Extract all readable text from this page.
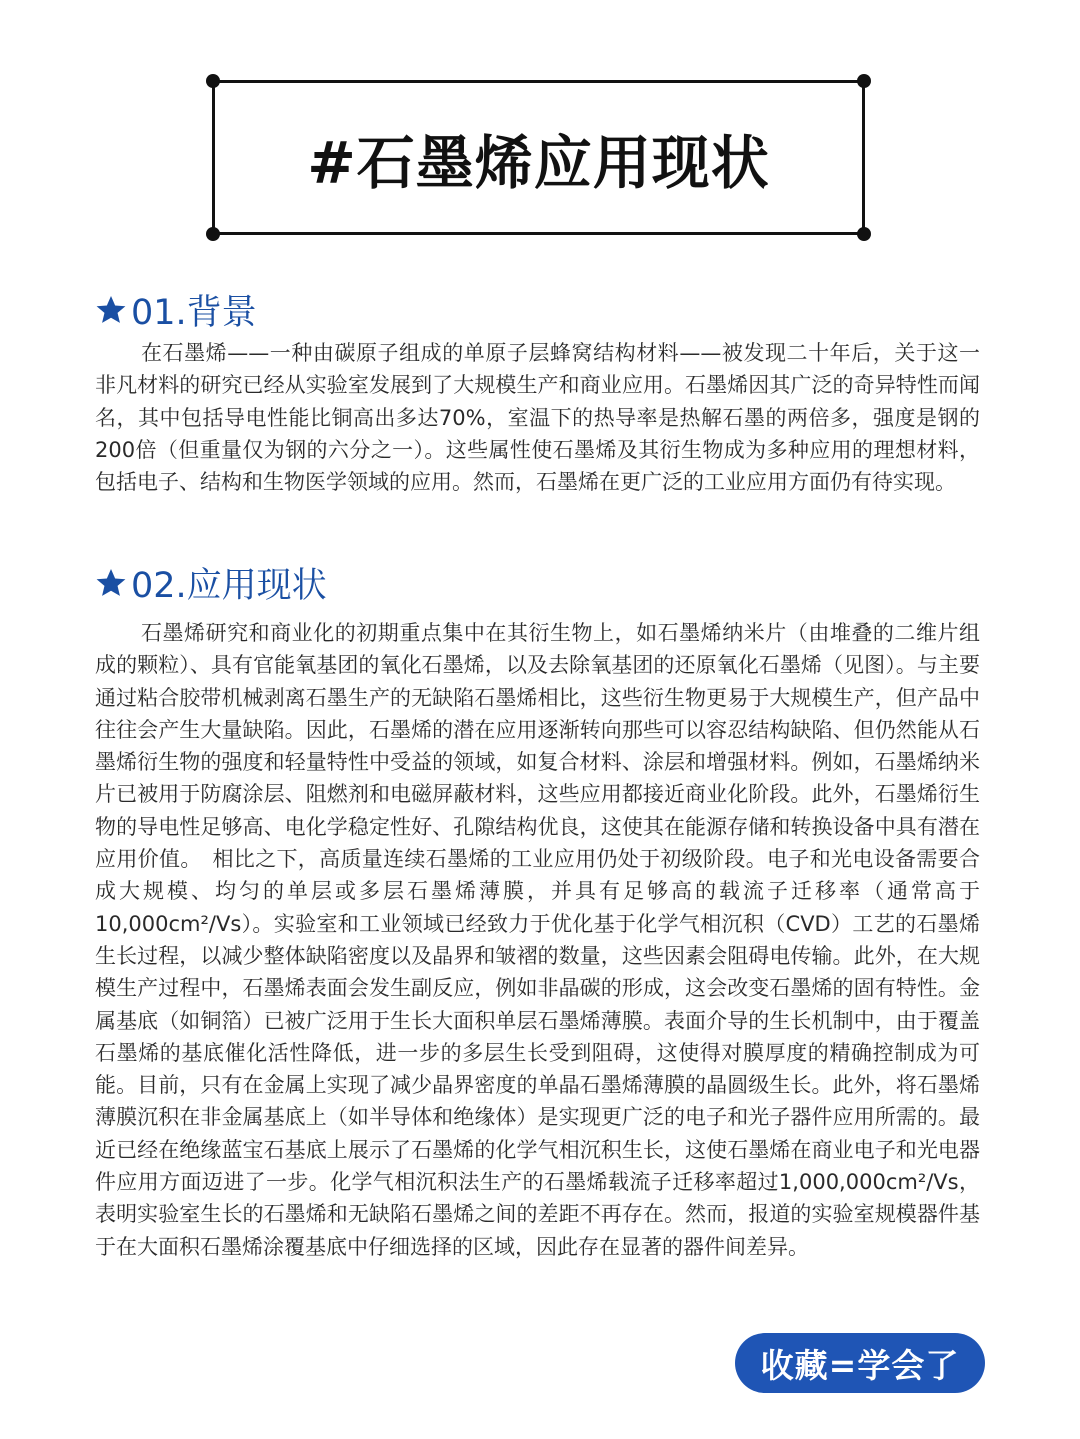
#石墨烯应用现状
01.背景

在石墨烯——一种由碳原子组成的单原子层蜂窝结构材料——被发现二十年后，关于这一非凡材料的研究已经从实验室发展到了大规模生产和商业应用。石墨烯因其广泛的奇异特性而闻名，其中包括导电性能比铜高出多达70%，室温下的热导率是热解石墨的两倍多，强度是钢的200倍（但重量仅为钢的六分之一）。这些属性使石墨烯及其衍生物成为多种应用的理想材料，包括电子、结构和生物医学领域的应用。然而，石墨烯在更广泛的工业应用方面仍有待实现。

02.应用现状

石墨烯研究和商业化的初期重点集中在其衍生物上，如石墨烯纳米片（由堆叠的二维片组成的颗粒）、具有官能氧基团的氧化石墨烯，以及去除氧基团的还原氧化石墨烯（见图）。与主要通过粘合胶带机械剥离石墨生产的无缺陷石墨烯相比，这些衍生物更易于大规模生产，但产品中往往会产生大量缺陷。因此，石墨烯的潜在应用逐渐转向那些可以容忍结构缺陷、但仍然能从石墨烯衍生物的强度和轻量特性中受益的领域，如复合材料、涂层和增强材料。例如，石墨烯纳米片已被用于防腐涂层、阻燃剂和电磁屏蔽材料，这些应用都接近商业化阶段。此外，石墨烯衍生物的导电性足够高、电化学稳定性好、孔隙结构优良，这使其在能源存储和转换设备中具有潜在应用价值。　相比之下，高质量连续石墨烯的工业应用仍处于初级阶段。电子和光电设备需要合成大规模、均匀的单层或多层石墨烯薄膜，并具有足够高的载流子迁移率（通常高于10,000cm²/Vs）。实验室和工业领域已经致力于优化基于化学气相沉积（CVD）工艺的石墨烯生长过程，以减少整体缺陷密度以及晶界和皱褶的数量，这些因素会阻碍电传输。此外，在大规模生产过程中，石墨烯表面会发生副反应，例如非晶碳的形成，这会改变石墨烯的固有特性。金属基底（如铜箔）已被广泛用于生长大面积单层石墨烯薄膜。表面介导的生长机制中，由于覆盖石墨烯的基底催化活性降低，进一步的多层生长受到阻碍，这使得对膜厚度的精确控制成为可能。目前，只有在金属上实现了减少晶界密度的单晶石墨烯薄膜的晶圆级生长。此外，将石墨烯薄膜沉积在非金属基底上（如半导体和绝缘体）是实现更广泛的电子和光子器件应用所需的。最近已经在绝缘蓝宝石基底上展示了石墨烯的化学气相沉积生长，这使石墨烯在商业电子和光电器件应用方面迈进了一步。化学气相沉积法生产的石墨烯载流子迁移率超过1,000,000cm²/Vs，表明实验室生长的石墨烯和无缺陷石墨烯之间的差距不再存在。然而，报道的实验室规模器件基于在大面积石墨烯涂覆基底中仔细选择的区域，因此存在显著的器件间差异。

收藏=学会了
